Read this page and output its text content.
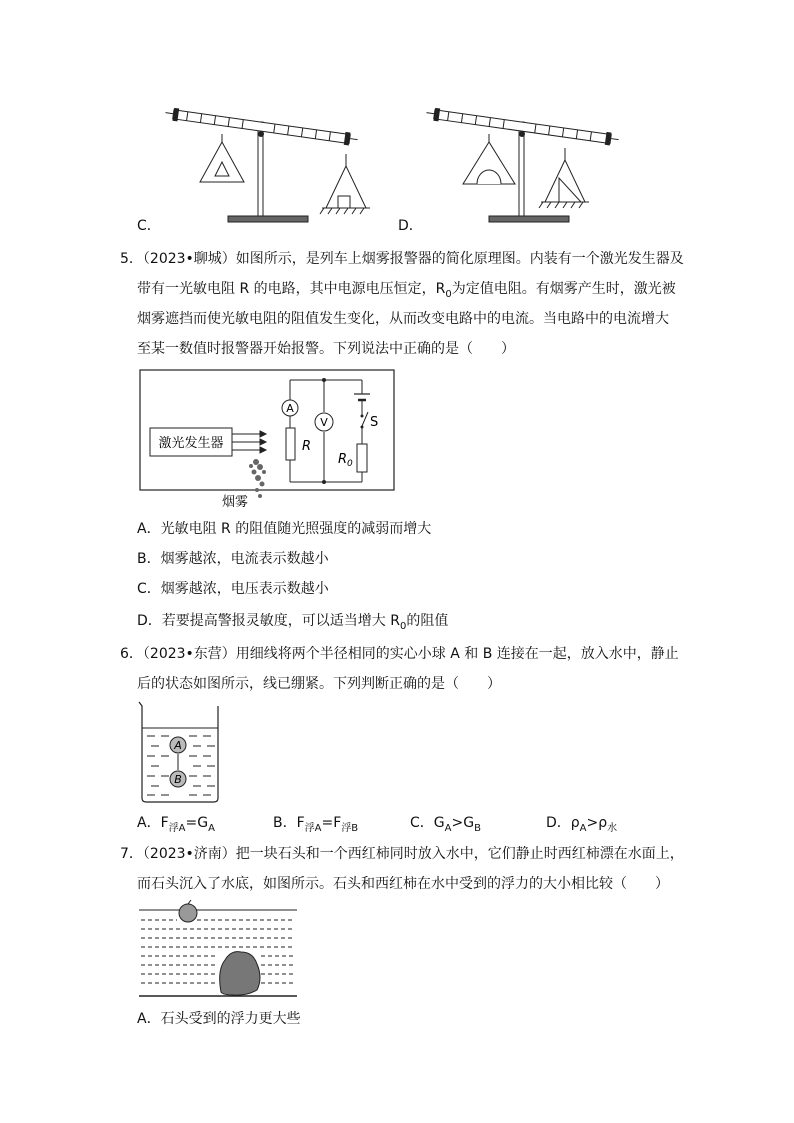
C．	D．
5．（2023•聊城）如图所示，是列车上烟雾报警器的简化原理图。内装有一个激光发生器及
带有一光敏电阻 R 的电路，其中电源电压恒定，$R_0$为定值电阻。有烟雾产生时，激光被
烟雾遮挡而使光敏电阻的阻值发生变化，从而改变电路中的电流。当电路中的电流增大
至某一数值时报警器开始报警。下列说法中正确的是（　　）
激光发生器	R
A
V	S
$R_0$
烟雾
A．光敏电阻 R 的阻值随光照强度的减弱而增大
B．烟雾越浓，电流表示数越小
C．烟雾越浓，电压表示数越小
D．若要提高警报灵敏度，可以适当增大 $R_0$的阻值
6．（2023•东营）用细线将两个半径相同的实心小球 A 和 B 连接在一起，放入水中，静止
后的状态如图所示，线已绷紧。下列判断正确的是（　　）
A
B
A．$F_{浮A}=G_A$	B．$F_{浮A}=F_{浮B}$	C．$G_A>G_B$	D．$\rho_A>\rho_水$
7．（2023•济南）把一块石头和一个西红柿同时放入水中，它们静止时西红柿漂在水面上，
而石头沉入了水底，如图所示。石头和西红柿在水中受到的浮力的大小相比较（　　）
A．石头受到的浮力更大些
